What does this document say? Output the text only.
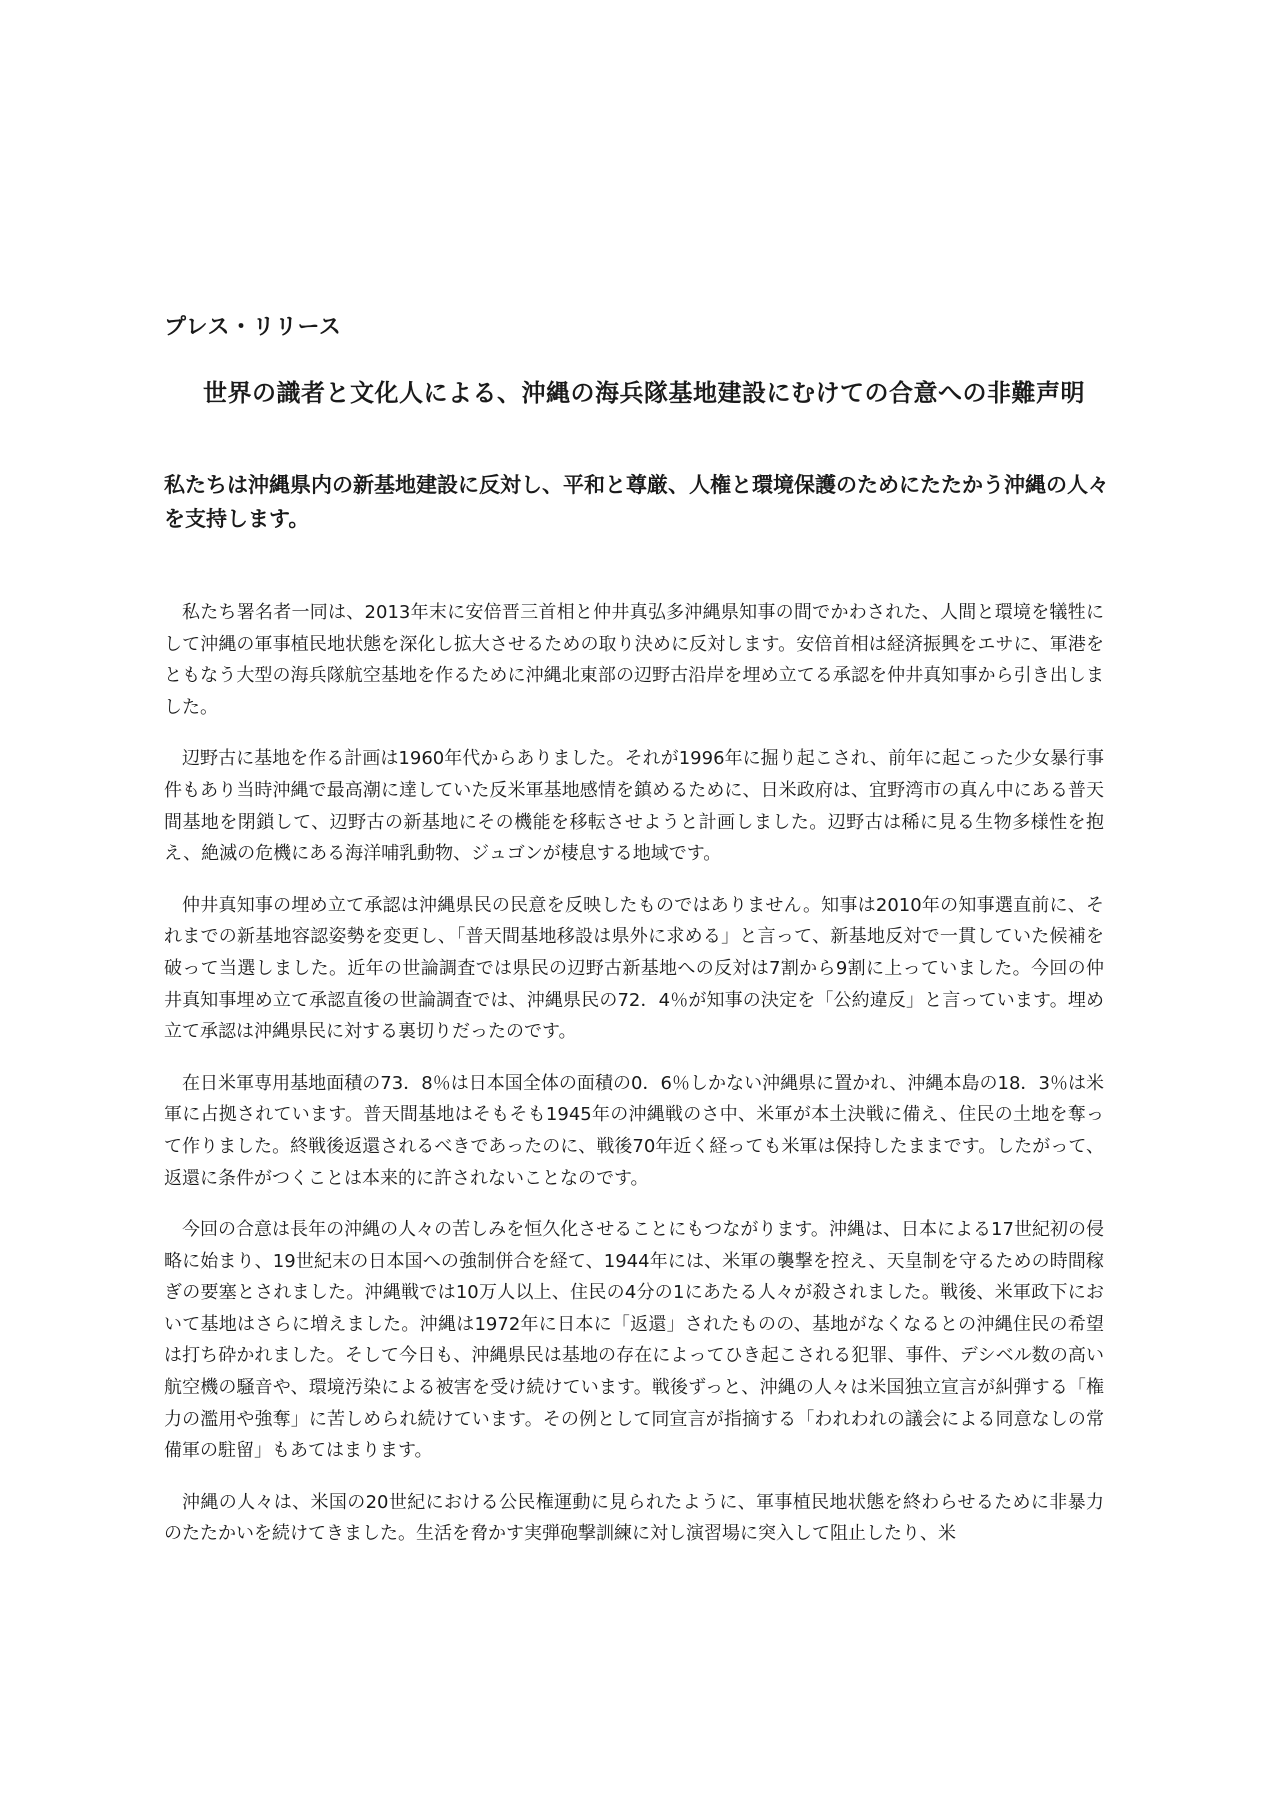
プレス・リリース
世界の識者と文化人による、沖縄の海兵隊基地建設にむけての合意への非難声明
私たちは沖縄県内の新基地建設に反対し、平和と尊厳、人権と環境保護のためにたたかう沖縄の人々を支持します。

私たち署名者一同は、2013年末に安倍晋三首相と仲井真弘多沖縄県知事の間でかわされた、人間と環境を犠牲にして沖縄の軍事植民地状態を深化し拡大させるための取り決めに反対します。安倍首相は経済振興をエサに、軍港をともなう大型の海兵隊航空基地を作るために沖縄北東部の辺野古沿岸を埋め立てる承認を仲井真知事から引き出しました。

辺野古に基地を作る計画は1960年代からありました。それが1996年に掘り起こされ、前年に起こった少女暴行事件もあり当時沖縄で最高潮に達していた反米軍基地感情を鎮めるために、日米政府は、宜野湾市の真ん中にある普天間基地を閉鎖して、辺野古の新基地にその機能を移転させようと計画しました。辺野古は稀に見る生物多様性を抱え、絶滅の危機にある海洋哺乳動物、ジュゴンが棲息する地域です。

仲井真知事の埋め立て承認は沖縄県民の民意を反映したものではありません。知事は2010年の知事選直前に、それまでの新基地容認姿勢を変更し、「普天間基地移設は県外に求める」と言って、新基地反対で一貫していた候補を破って当選しました。近年の世論調査では県民の辺野古新基地への反対は7割から9割に上っていました。今回の仲井真知事埋め立て承認直後の世論調査では、沖縄県民の72．4％が知事の決定を「公約違反」と言っています。埋め立て承認は沖縄県民に対する裏切りだったのです。

在日米軍専用基地面積の73．8％は日本国全体の面積の0．6％しかない沖縄県に置かれ、沖縄本島の18．3％は米軍に占拠されています。普天間基地はそもそも1945年の沖縄戦のさ中、米軍が本土決戦に備え、住民の土地を奪って作りました。終戦後返還されるべきであったのに、戦後70年近く経っても米軍は保持したままです。したがって、返還に条件がつくことは本来的に許されないことなのです。

今回の合意は長年の沖縄の人々の苦しみを恒久化させることにもつながります。沖縄は、日本による17世紀初の侵略に始まり、19世紀末の日本国への強制併合を経て、1944年には、米軍の襲撃を控え、天皇制を守るための時間稼ぎの要塞とされました。沖縄戦では10万人以上、住民の4分の1にあたる人々が殺されました。戦後、米軍政下において基地はさらに増えました。沖縄は1972年に日本に「返還」されたものの、基地がなくなるとの沖縄住民の希望は打ち砕かれました。そして今日も、沖縄県民は基地の存在によってひき起こされる犯罪、事件、デシベル数の高い航空機の騒音や、環境汚染による被害を受け続けています。戦後ずっと、沖縄の人々は米国独立宣言が糾弾する「権力の濫用や強奪」に苦しめられ続けています。その例として同宣言が指摘する「われわれの議会による同意なしの常備軍の駐留」もあてはまります。

沖縄の人々は、米国の20世紀における公民権運動に見られたように、軍事植民地状態を終わらせるために非暴力のたたかいを続けてきました。生活を脅かす実弾砲撃訓練に対し演習場に突入して阻止したり、米
